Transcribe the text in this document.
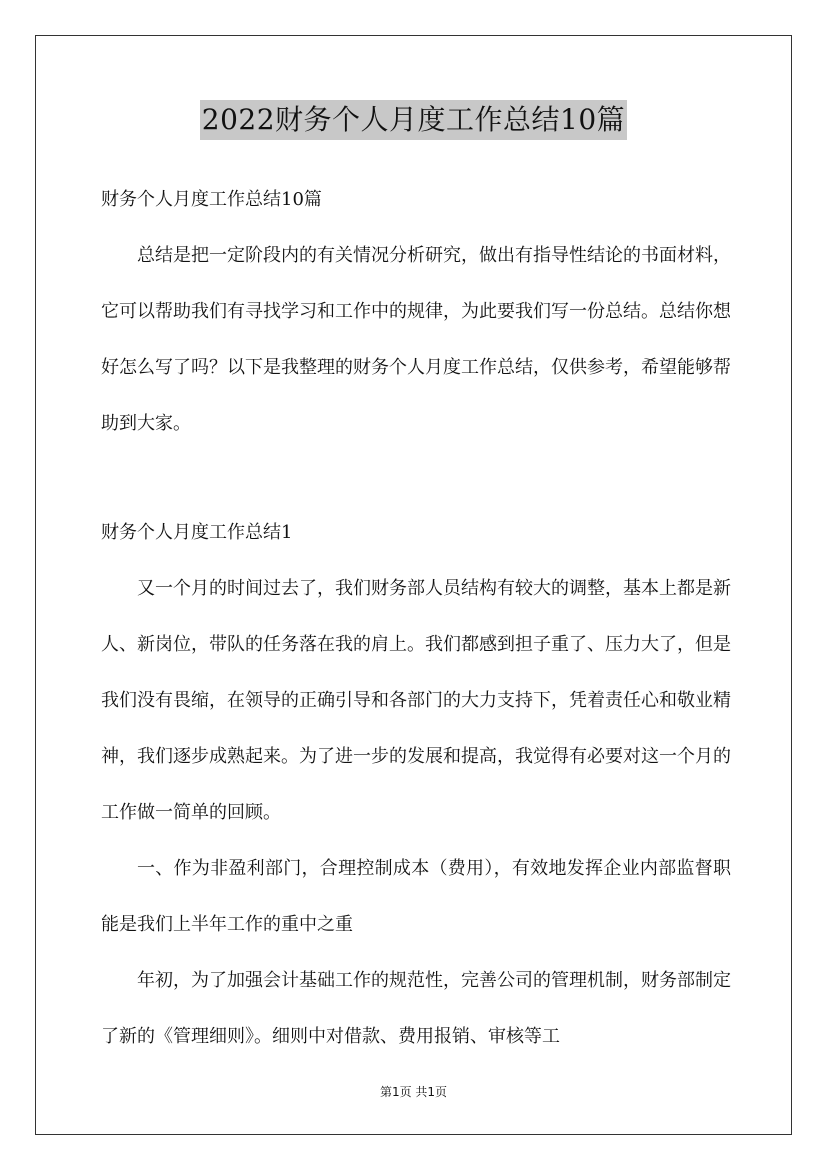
2022财务个人月度工作总结10篇

财务个人月度工作总结10篇

总结是把一定阶段内的有关情况分析研究，做出有指导性结论的书面材料，它可以帮助我们有寻找学习和工作中的规律，为此要我们写一份总结。总结你想好怎么写了吗？以下是我整理的财务个人月度工作总结，仅供参考，希望能够帮助到大家。

财务个人月度工作总结1

又一个月的时间过去了，我们财务部人员结构有较大的调整，基本上都是新人、新岗位，带队的任务落在我的肩上。我们都感到担子重了、压力大了，但是我们没有畏缩，在领导的正确引导和各部门的大力支持下，凭着责任心和敬业精神，我们逐步成熟起来。为了进一步的发展和提高，我觉得有必要对这一个月的工作做一简单的回顾。

一、作为非盈利部门，合理控制成本（费用），有效地发挥企业内部监督职能是我们上半年工作的重中之重

年初，为了加强会计基础工作的规范性，完善公司的管理机制，财务部制定了新的《管理细则》。细则中对借款、费用报销、审核等工

第1页 共1页
